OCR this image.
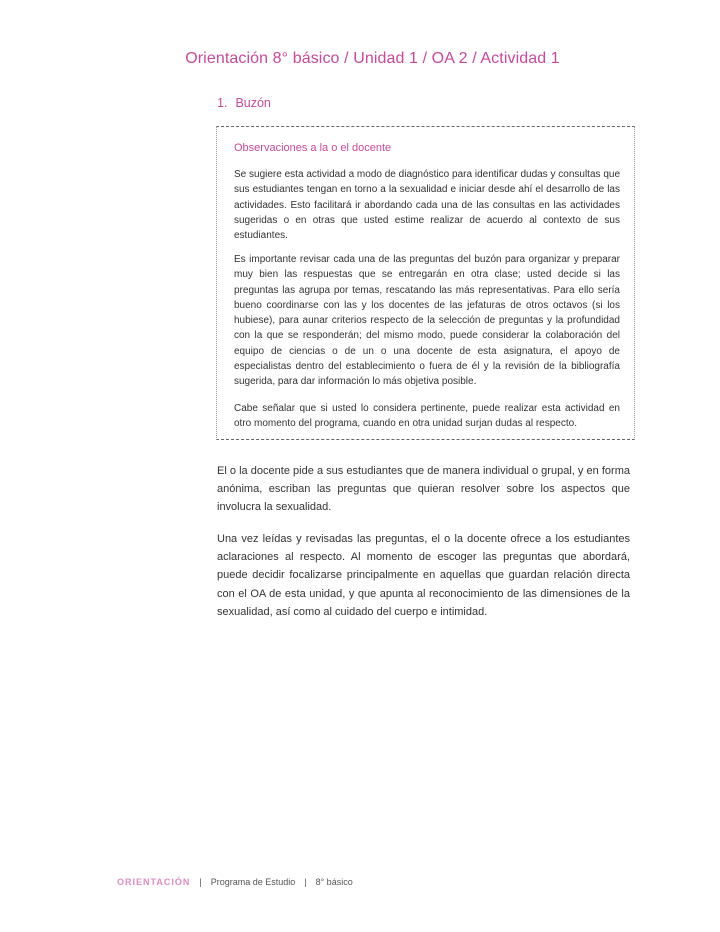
Orientación 8° básico / Unidad 1 / OA 2 / Actividad 1
1. Buzón
Observaciones a la o el docente

Se sugiere esta actividad a modo de diagnóstico para identificar dudas y consultas que sus estudiantes tengan en torno a la sexualidad e iniciar desde ahí el desarrollo de las actividades. Esto facilitará ir abordando cada una de las consultas en las actividades sugeridas o en otras que usted estime realizar de acuerdo al contexto de sus estudiantes.

Es importante revisar cada una de las preguntas del buzón para organizar y preparar muy bien las respuestas que se entregarán en otra clase; usted decide si las preguntas las agrupa por temas, rescatando las más representativas. Para ello sería bueno coordinarse con las y los docentes de las jefaturas de otros octavos (si los hubiese), para aunar criterios respecto de la selección de preguntas y la profundidad con la que se responderán; del mismo modo, puede considerar la colaboración del equipo de ciencias o de un o una docente de esta asignatura, el apoyo de especialistas dentro del establecimiento o fuera de él y la revisión de la bibliografía sugerida, para dar información lo más objetiva posible.

Cabe señalar que si usted lo considera pertinente, puede realizar esta actividad en otro momento del programa, cuando en otra unidad surjan dudas al respecto.

El o la docente pide a sus estudiantes que de manera individual o grupal, y en forma anónima, escriban las preguntas que quieran resolver sobre los aspectos que involucra la sexualidad.

Una vez leídas y revisadas las preguntas, el o la docente ofrece a los estudiantes aclaraciones al respecto. Al momento de escoger las preguntas que abordará, puede decidir focalizarse principalmente en aquellas que guardan relación directa con el OA de esta unidad, y que apunta al reconocimiento de las dimensiones de la sexualidad, así como al cuidado del cuerpo e intimidad.

ORIENTACIÓN | Programa de Estudio | 8° básico
